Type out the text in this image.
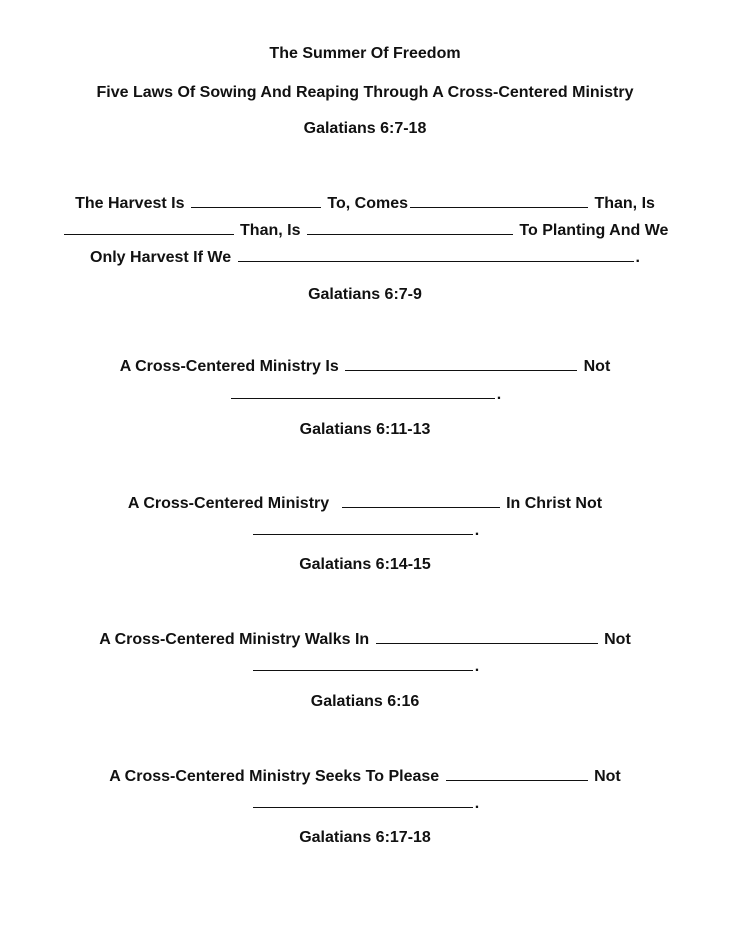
The Summer Of Freedom
Five Laws Of Sowing And Reaping Through A Cross-Centered Ministry
Galatians 6:7-18
The Harvest Is	To, Comes	Than, Is
Than, Is	To Planting And We
Only Harvest If We	.
Galatians 6:7-9
A Cross-Centered Ministry Is	Not
.
Galatians 6:11-13
A Cross-Centered Ministry	In Christ Not
.
Galatians 6:14-15
A Cross-Centered Ministry Walks In	Not
.
Galatians 6:16
A Cross-Centered Ministry Seeks To Please	Not
.
Galatians 6:17-18
